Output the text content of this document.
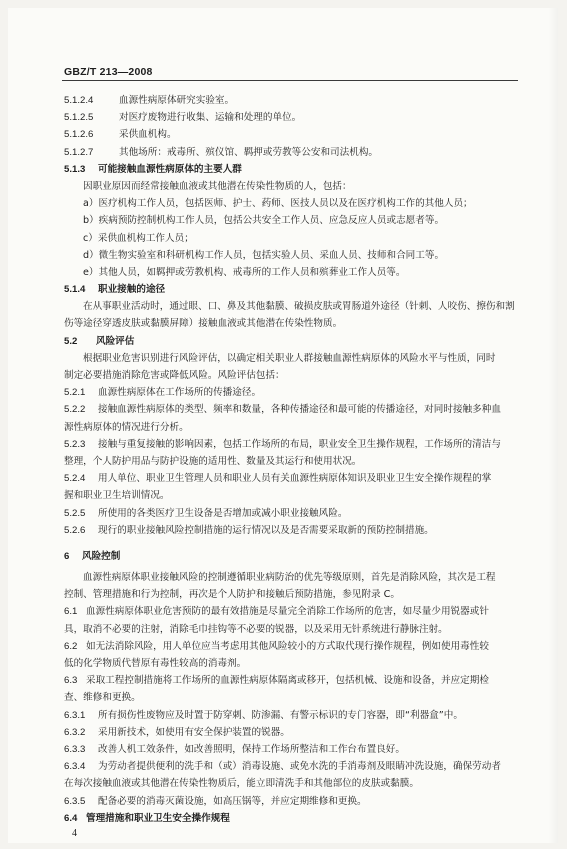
GBZ/T 213—2008
5.1.2.4	血源性病原体研究实验室。
5.1.2.5	对医疗废物进行收集、运输和处理的单位。
5.1.2.6	采供血机构。
5.1.2.7	其他场所：戒毒所、殡仪馆、羁押或劳教等公安和司法机构。
5.1.3 可能接触血源性病原体的主要人群
因职业原因而经常接触血液或其他潜在传染性物质的人，包括：
a）医疗机构工作人员，包括医师、护士、药师、医技人员以及在医疗机构工作的其他人员；
b）疾病预防控制机构工作人员，包括公共安全工作人员、应急反应人员或志愿者等。
c）采供血机构工作人员；
d）微生物实验室和科研机构工作人员，包括实验人员、采血人员、技师和合同工等。
e）其他人员，如羁押或劳教机构、戒毒所的工作人员和殡葬业工作人员等。
5.1.4 职业接触的途径
在从事职业活动时，通过眼、口、鼻及其他黏膜、破损皮肤或胃肠道外途径（针刺、人咬伤、擦伤和割
伤等途径穿透皮肤或黏膜屏障）接触血液或其他潜在传染性物质。
5.2 风险评估
根据职业危害识别进行风险评估，以确定相关职业人群接触血源性病原体的风险水平与性质，同时
制定必要措施消除危害或降低风险。风险评估包括：
5.2.1 血源性病原体在工作场所的传播途径。
5.2.2 接触血源性病原体的类型、频率和数量，各种传播途径和最可能的传播途径，对同时接触多种血
源性病原体的情况进行分析。
5.2.3 接触与重复接触的影响因素，包括工作场所的布局，职业安全卫生操作规程，工作场所的清洁与
整理，个人防护用品与防护设施的适用性、数量及其运行和使用状况。
5.2.4 用人单位、职业卫生管理人员和职业人员有关血源性病原体知识及职业卫生安全操作规程的掌
握和职业卫生培训情况。
5.2.5 所使用的各类医疗卫生设备是否增加或减小职业接触风险。
5.2.6 现行的职业接触风险控制措施的运行情况以及是否需要采取新的预防控制措施。
6 风险控制
血源性病原体职业接触风险的控制遵循职业病防治的优先等级原则，首先是消除风险，其次是工程
控制、管理措施和行为控制，再次是个人防护和接触后预防措施，参见附录 C。
6.1 血源性病原体职业危害预防的最有效措施是尽量完全消除工作场所的危害，如尽量少用锐器或针
具，取消不必要的注射，消除毛巾挂钩等不必要的锐器，以及采用无针系统进行静脉注射。
6.2 如无法消除风险，用人单位应当考虑用其他风险较小的方式取代现行操作规程，例如使用毒性较
低的化学物质代替原有毒性较高的消毒剂。
6.3 采取工程控制措施将工作场所的血源性病原体隔离或移开，包括机械、设施和设备，并应定期检
查、维修和更换。
6.3.1 所有损伤性废物应及时置于防穿刺、防渗漏、有警示标识的专门容器，即“利器盒”中。
6.3.2 采用新技术，如使用有安全保护装置的锐器。
6.3.3 改善人机工效条件，如改善照明，保持工作场所整洁和工作台布置良好。
6.3.4 为劳动者提供便利的洗手和（或）消毒设施、或免水洗的手消毒剂及眼睛冲洗设施，确保劳动者
在每次接触血液或其他潜在传染性物质后，能立即清洗手和其他部位的皮肤或黏膜。
6.3.5 配备必要的消毒灭菌设施，如高压锅等，并应定期维修和更换。
6.4 管理措施和职业卫生安全操作规程
4
